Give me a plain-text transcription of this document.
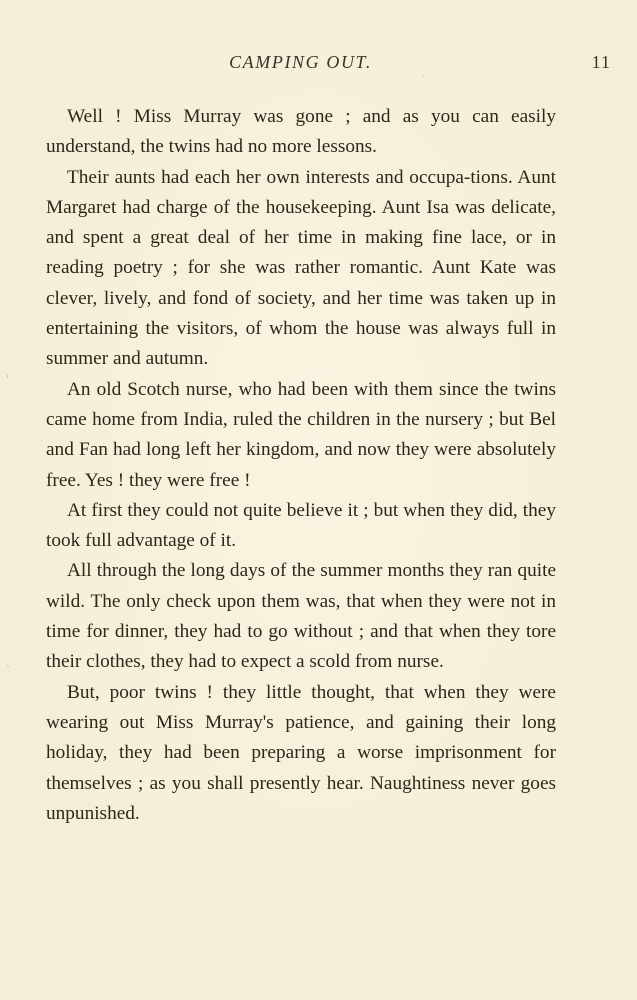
CAMPING OUT.	11

Well ! Miss Murray was gone ; and as you can easily understand, the twins had no more lessons.

Their aunts had each her own interests and occupa-tions. Aunt Margaret had charge of the housekeeping. Aunt Isa was delicate, and spent a great deal of her time in making fine lace, or in reading poetry ; for she was rather romantic. Aunt Kate was clever, lively, and fond of society, and her time was taken up in entertaining the visitors, of whom the house was always full in summer and autumn.

An old Scotch nurse, who had been with them since the twins came home from India, ruled the children in the nursery ; but Bel and Fan had long left her kingdom, and now they were absolutely free. Yes ! they were free !

At first they could not quite believe it ; but when they did, they took full advantage of it.

All through the long days of the summer months they ran quite wild. The only check upon them was, that when they were not in time for dinner, they had to go without ; and that when they tore their clothes, they had to expect a scold from nurse.

But, poor twins ! they little thought, that when they were wearing out Miss Murray's patience, and gaining their long holiday, they had been preparing a worse imprisonment for themselves ; as you shall presently hear. Naughtiness never goes unpunished.

ˎ
ˌ
ˋ
